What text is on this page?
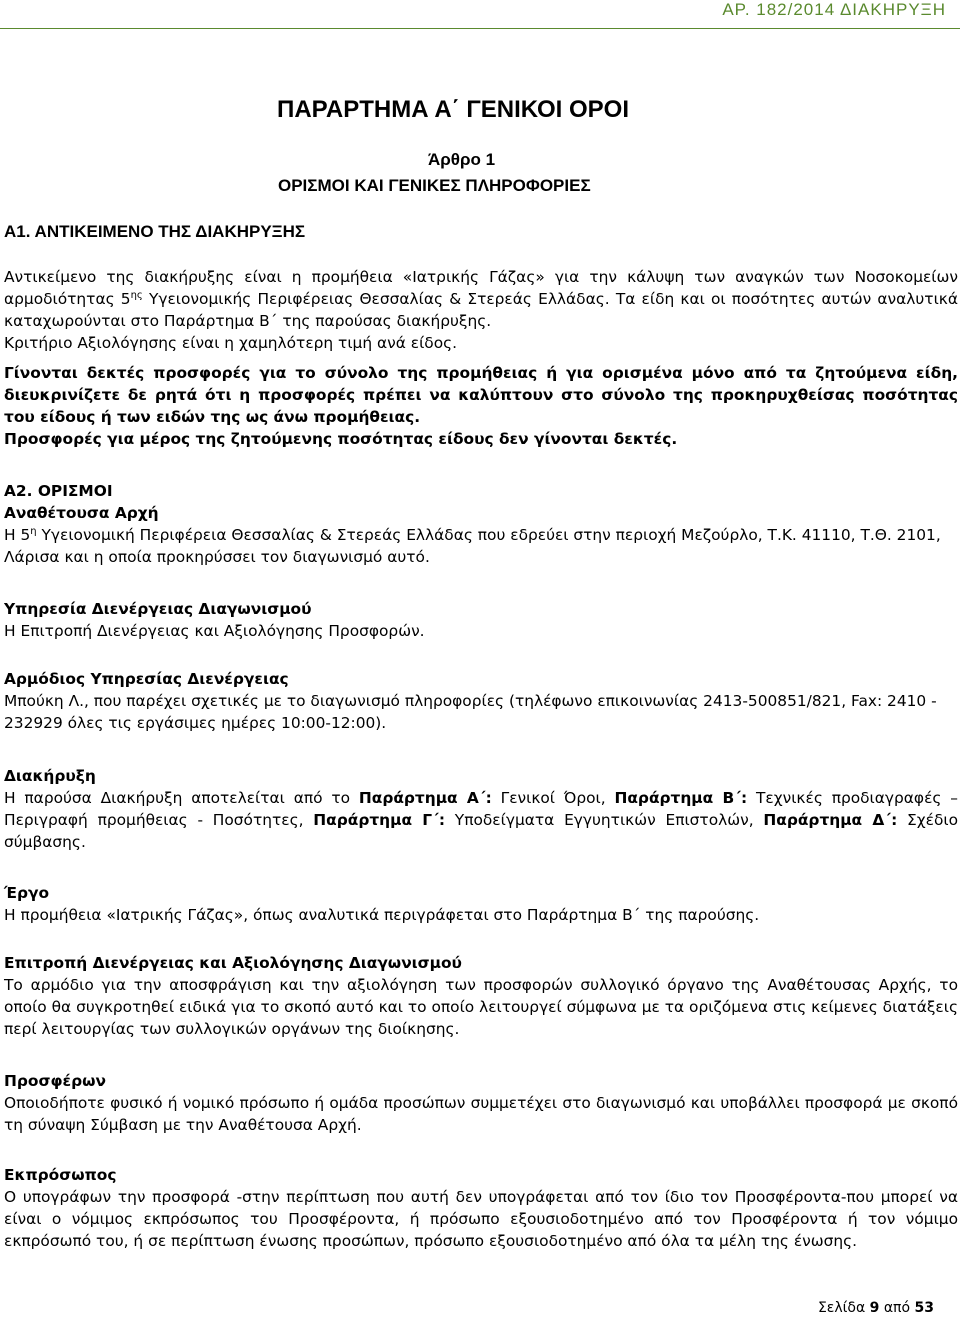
ΑΡ. 182/2014 ΔΙΑΚΗΡΥΞΗ
ΠΑΡΑΡΤΗΜΑ Α΄ ΓΕΝΙΚΟΙ ΟΡΟΙ
Άρθρο 1
ΟΡΙΣΜΟΙ ΚΑΙ ΓΕΝΙΚΕΣ ΠΛΗΡΟΦΟΡΙΕΣ
Α1. ΑΝΤΙΚΕΙΜΕΝΟ ΤΗΣ ΔΙΑΚΗΡΥΞΗΣ
Αντικείμενο της διακήρυξης είναι η προμήθεια «Ιατρικής Γάζας» για την κάλυψη των αναγκών των Νοσοκομείων αρμοδιότητας $5^{\eta\varsigma}$ Υγειονομικής Περιφέρειας Θεσσαλίας & Στερεάς Ελλάδας. Τα είδη και οι ποσότητες αυτών αναλυτικά καταχωρούνται στο Παράρτημα Β΄ της παρούσας διακήρυξης.
Κριτήριο Αξιολόγησης είναι η χαμηλότερη τιμή ανά είδος.
Γίνονται δεκτές προσφορές για το σύνολο της προμήθειας ή για ορισμένα μόνο από τα ζητούμενα είδη, διευκρινίζετε δε ρητά ότι η προσφορές πρέπει να καλύπτουν στο σύνολο της προκηρυχθείσας ποσότητας του είδους ή των ειδών της ως άνω προμήθειας.
Προσφορές για μέρος της ζητούμενης ποσότητας είδους δεν γίνονται δεκτές.
Α2. ΟΡΙΣΜΟΙ
Αναθέτουσα Αρχή
Η $5^\eta$ Υγειονομική Περιφέρεια Θεσσαλίας & Στερεάς Ελλάδας που εδρεύει στην περιοχή Μεζούρλο, Τ.Κ. 41110, Τ.Θ. 2101, Λάρισα και η οποία προκηρύσσει τον διαγωνισμό αυτό.
Υπηρεσία Διενέργειας Διαγωνισμού
Η Επιτροπή Διενέργειας και Αξιολόγησης Προσφορών.
Αρμόδιος Υπηρεσίας Διενέργειας
Μπούκη Λ., που παρέχει σχετικές με το διαγωνισμό πληροφορίες (τηλέφωνο επικοινωνίας 2413-500851/821, Fax: 2410 - 232929 όλες τις εργάσιμες ημέρες 10:00-12:00).
Διακήρυξη
Η παρούσα Διακήρυξη αποτελείται από το Παράρτημα Α΄: Γενικοί Όροι, Παράρτημα Β΄: Τεχνικές προδιαγραφές – Περιγραφή προμήθειας - Ποσότητες, Παράρτημα Γ΄: Υποδείγματα Εγγυητικών Επιστολών, Παράρτημα Δ΄: Σχέδιο σύμβασης.
Έργο
Η προμήθεια «Ιατρικής Γάζας», όπως αναλυτικά περιγράφεται στο Παράρτημα Β΄ της παρούσης.
Επιτροπή Διενέργειας και Αξιολόγησης Διαγωνισμού
Το αρμόδιο για την αποσφράγιση και την αξιολόγηση των προσφορών συλλογικό όργανο της Αναθέτουσας Αρχής, το οποίο θα συγκροτηθεί ειδικά για το σκοπό αυτό και το οποίο λειτουργεί σύμφωνα με τα οριζόμενα στις κείμενες διατάξεις περί λειτουργίας των συλλογικών οργάνων της διοίκησης.
Προσφέρων
Οποιοδήποτε φυσικό ή νομικό πρόσωπο ή ομάδα προσώπων συμμετέχει στο διαγωνισμό και υποβάλλει προσφορά με σκοπό τη σύναψη Σύμβαση με την Αναθέτουσα Αρχή.
Εκπρόσωπος
Ο υπογράφων την προσφορά -στην περίπτωση που αυτή δεν υπογράφεται από τον ίδιο τον Προσφέροντα-που μπορεί να είναι ο νόμιμος εκπρόσωπος του Προσφέροντα, ή πρόσωπο εξουσιοδοτημένο από τον Προσφέροντα ή τον νόμιμο εκπρόσωπό του, ή σε περίπτωση ένωσης προσώπων, πρόσωπο εξουσιοδοτημένο από όλα τα μέλη της ένωσης.
Σελίδα 9 από 53
